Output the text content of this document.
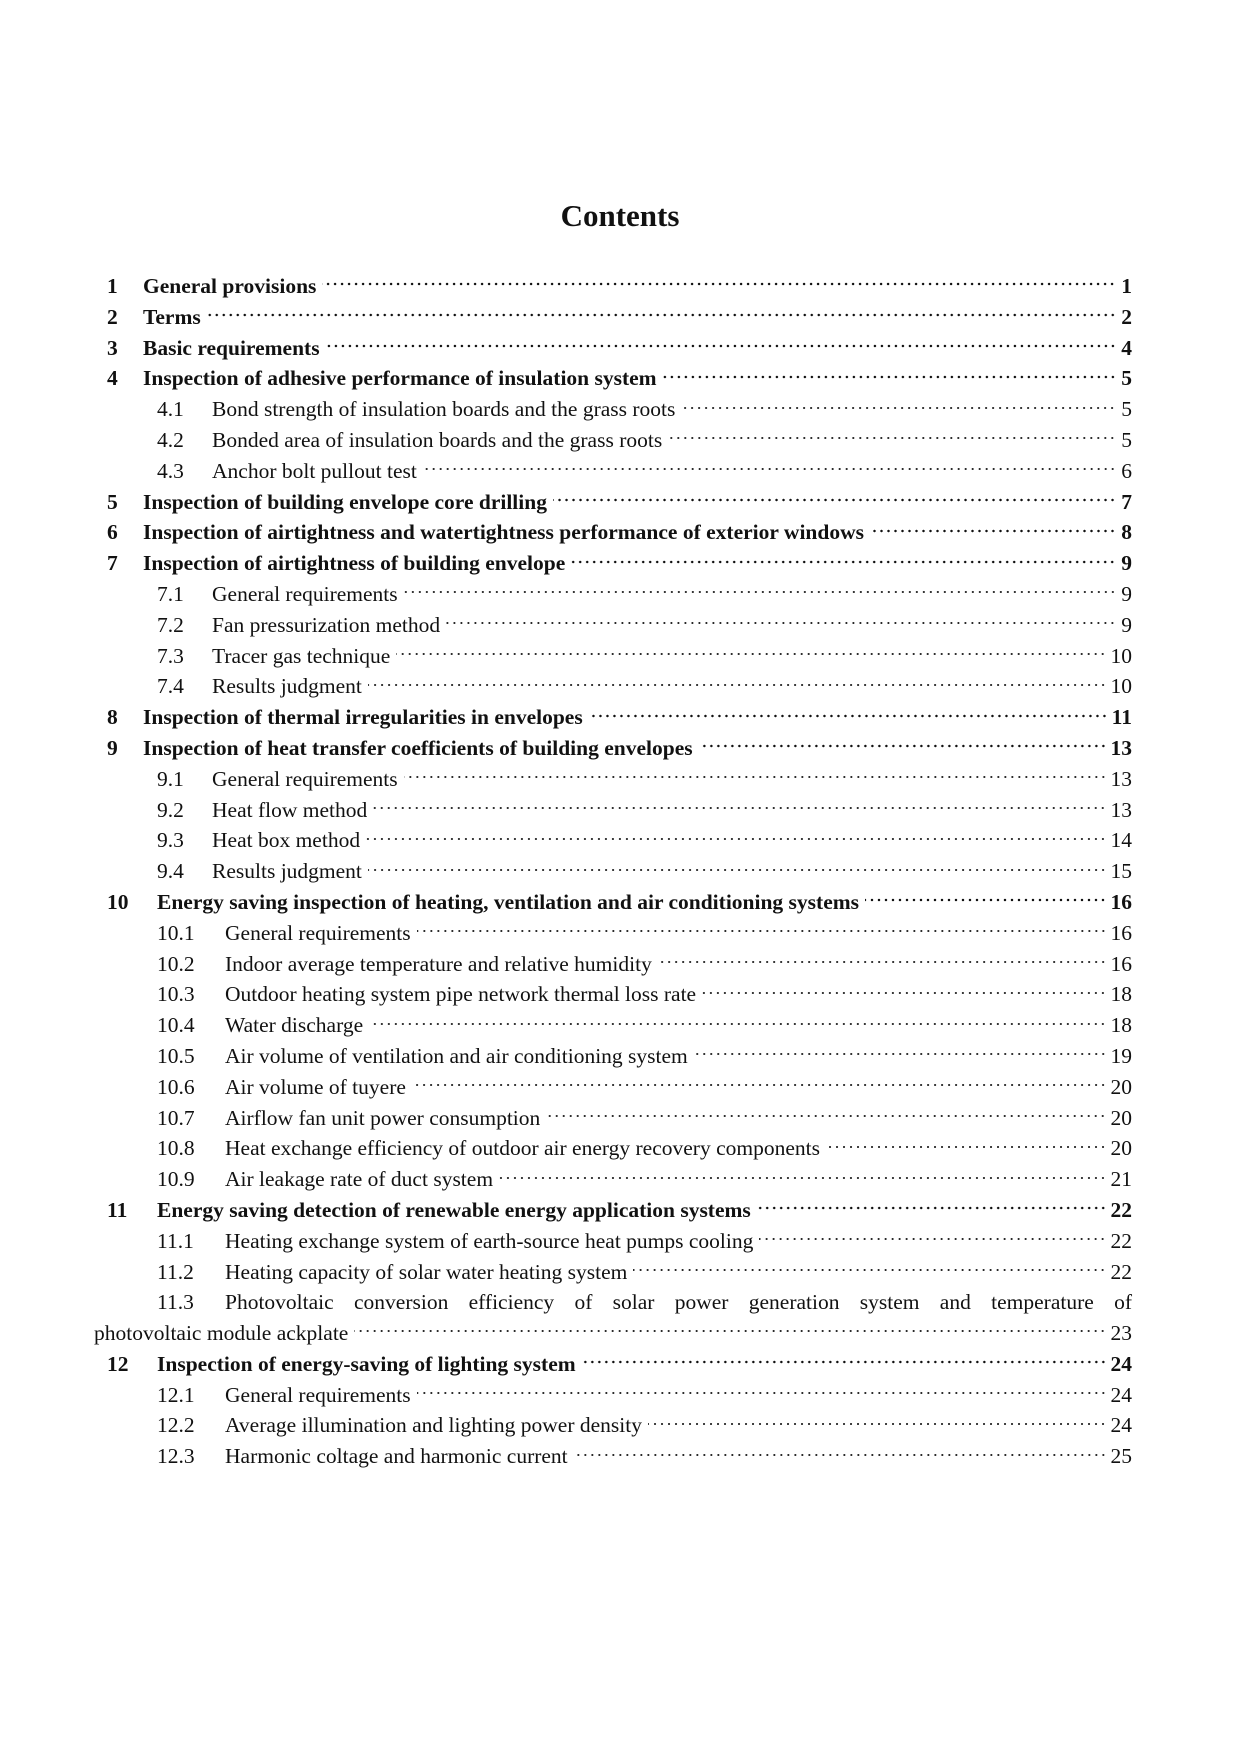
Contents
1	General provisions	1
2	Terms	2
3	Basic requirements	4
4	Inspection of adhesive performance of insulation system	5
4.1	Bond strength of insulation boards and the grass roots	5
4.2	Bonded area of insulation boards and the grass roots	5
4.3	Anchor bolt pullout test	6
5	Inspection of building envelope core drilling	7
6	Inspection of airtightness and watertightness performance of exterior windows	8
7	Inspection of airtightness of building envelope	9
7.1	General requirements	9
7.2	Fan pressurization method	9
7.3	Tracer gas technique	10
7.4	Results judgment	10
8	Inspection of thermal irregularities in envelopes	11
9	Inspection of heat transfer coefficients of building envelopes	13
9.1	General requirements	13
9.2	Heat flow method	13
9.3	Heat box method	14
9.4	Results judgment	15
10	Energy saving inspection of heating, ventilation and air conditioning systems	16
10.1	General requirements	16
10.2	Indoor average temperature and relative humidity	16
10.3	Outdoor heating system pipe network thermal loss rate	18
10.4	Water discharge	18
10.5	Air volume of ventilation and air conditioning system	19
10.6	Air volume of tuyere	20
10.7	Airflow fan unit power consumption	20
10.8	Heat exchange efficiency of outdoor air energy recovery components	20
10.9	Air leakage rate of duct system	21
11	Energy saving detection of renewable energy application systems	22
11.1	Heating exchange system of earth-source heat pumps cooling	22
11.2	Heating capacity of solar water heating system	22
11.3	Photovoltaic conversion efficiency of solar power generation system and temperature of
photovoltaic module ackplate	23
12	Inspection of energy-saving of lighting system	24
12.1	General requirements	24
12.2	Average illumination and lighting power density	24
12.3	Harmonic coltage and harmonic current	25
